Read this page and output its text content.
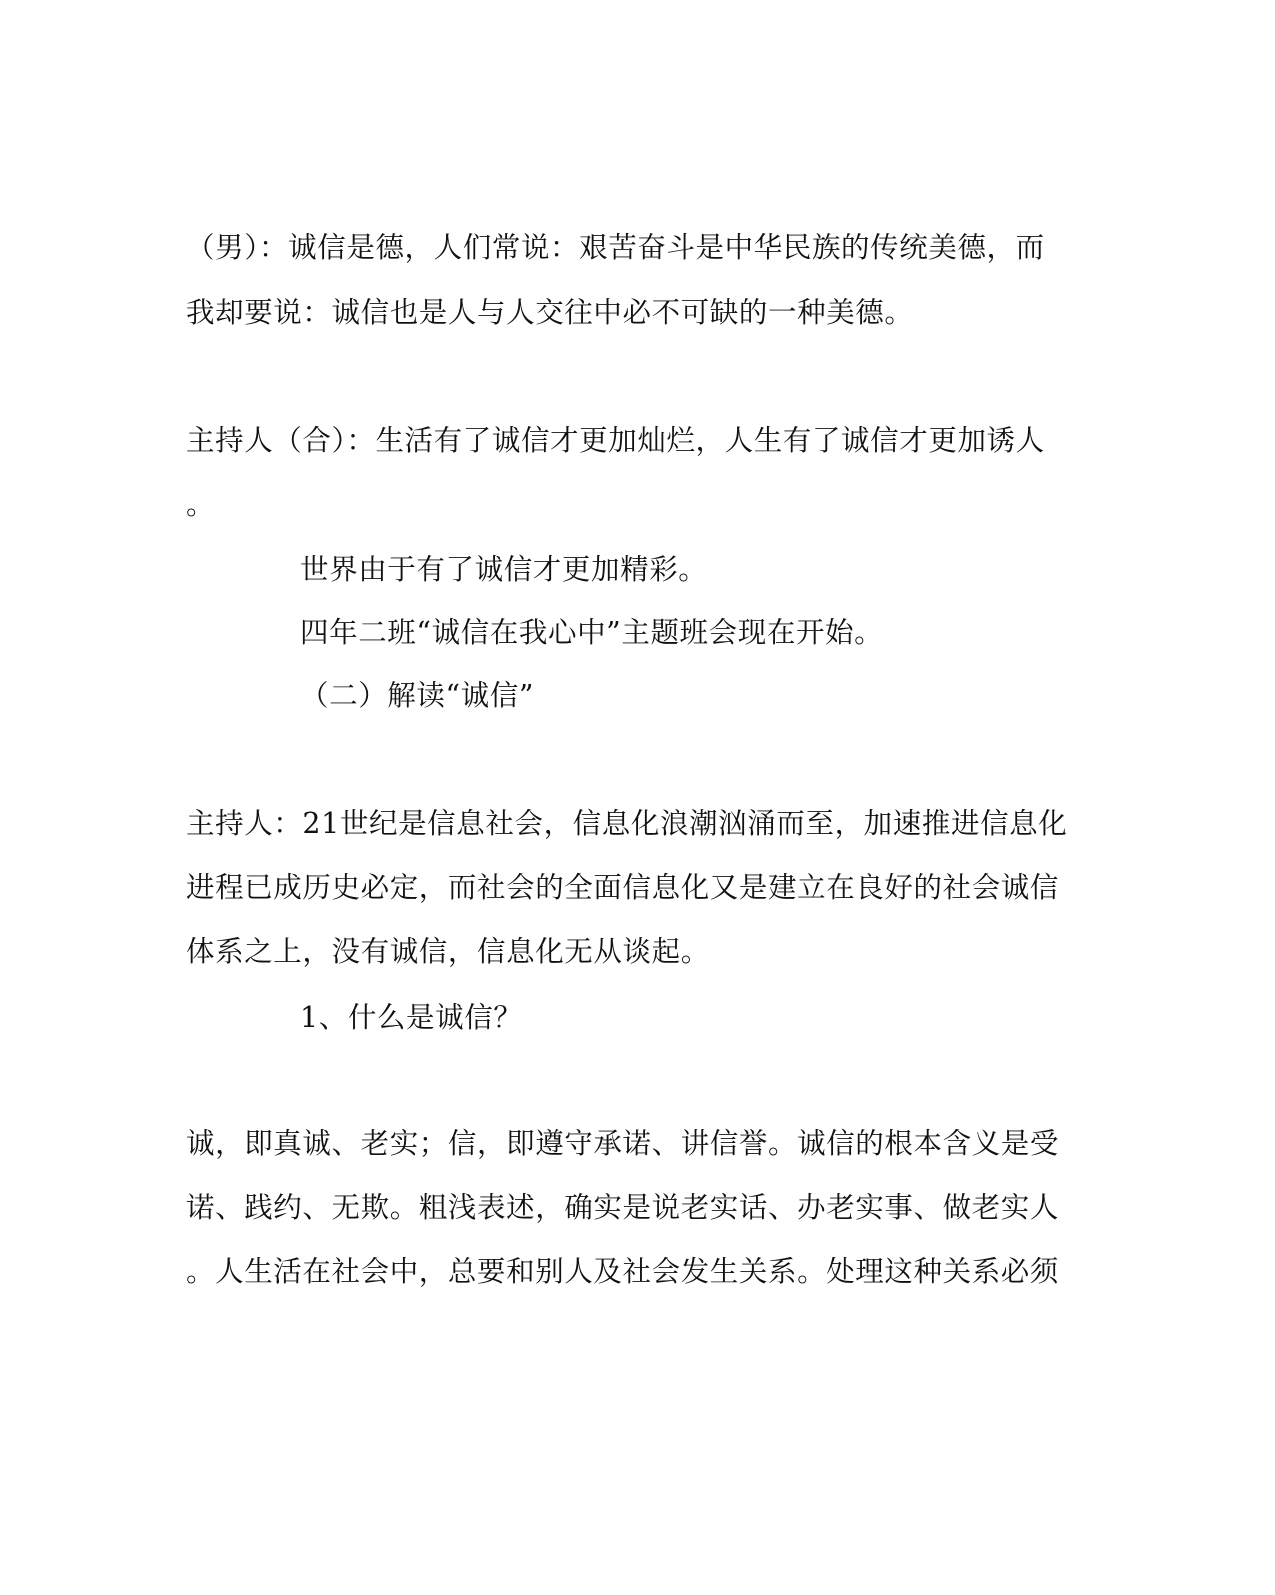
（男）：诚信是德，人们常说：艰苦奋斗是中华民族的传统美德，而
我却要说：诚信也是人与人交往中必不可缺的一种美德。
主持人（合）：生活有了诚信才更加灿烂，人生有了诚信才更加诱人
。
世界由于有了诚信才更加精彩。
四年二班“诚信在我心中”主题班会现在开始。
（二）解读“诚信”
主持人：21世纪是信息社会，信息化浪潮汹涌而至，加速推进信息化
进程已成历史必定，而社会的全面信息化又是建立在良好的社会诚信
体系之上，没有诚信，信息化无从谈起。
1、什么是诚信？
诚，即真诚、老实；信，即遵守承诺、讲信誉。诚信的根本含义是受
诺、践约、无欺。粗浅表述，确实是说老实话、办老实事、做老实人
。人生活在社会中，总要和别人及社会发生关系。处理这种关系必须
